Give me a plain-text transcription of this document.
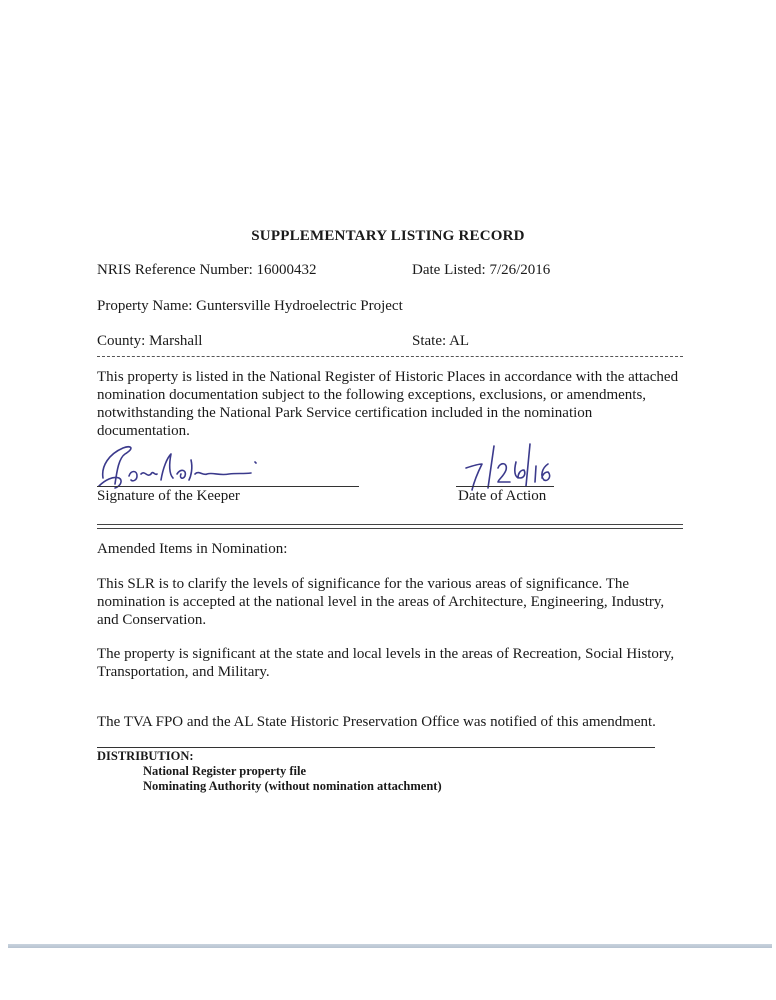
SUPPLEMENTARY LISTING RECORD
NRIS Reference Number: 16000432	Date Listed: 7/26/2016
Property Name: Guntersville Hydroelectric Project
County: Marshall	State: AL
This property is listed in the National Register of Historic Places in accordance with the attached
nomination documentation subject to the following exceptions, exclusions, or amendments,
notwithstanding the National Park Service certification included in the nomination
documentation.
Signature of the Keeper	Date of Action
Amended Items in Nomination:
This SLR is to clarify the levels of significance for the various areas of significance. The
nomination is accepted at the national level in the areas of Architecture, Engineering, Industry,
and Conservation.
The property is significant at the state and local levels in the areas of Recreation, Social History,
Transportation, and Military.
The TVA FPO and the AL State Historic Preservation Office was notified of this amendment.
DISTRIBUTION:
National Register property file
Nominating Authority (without nomination attachment)
